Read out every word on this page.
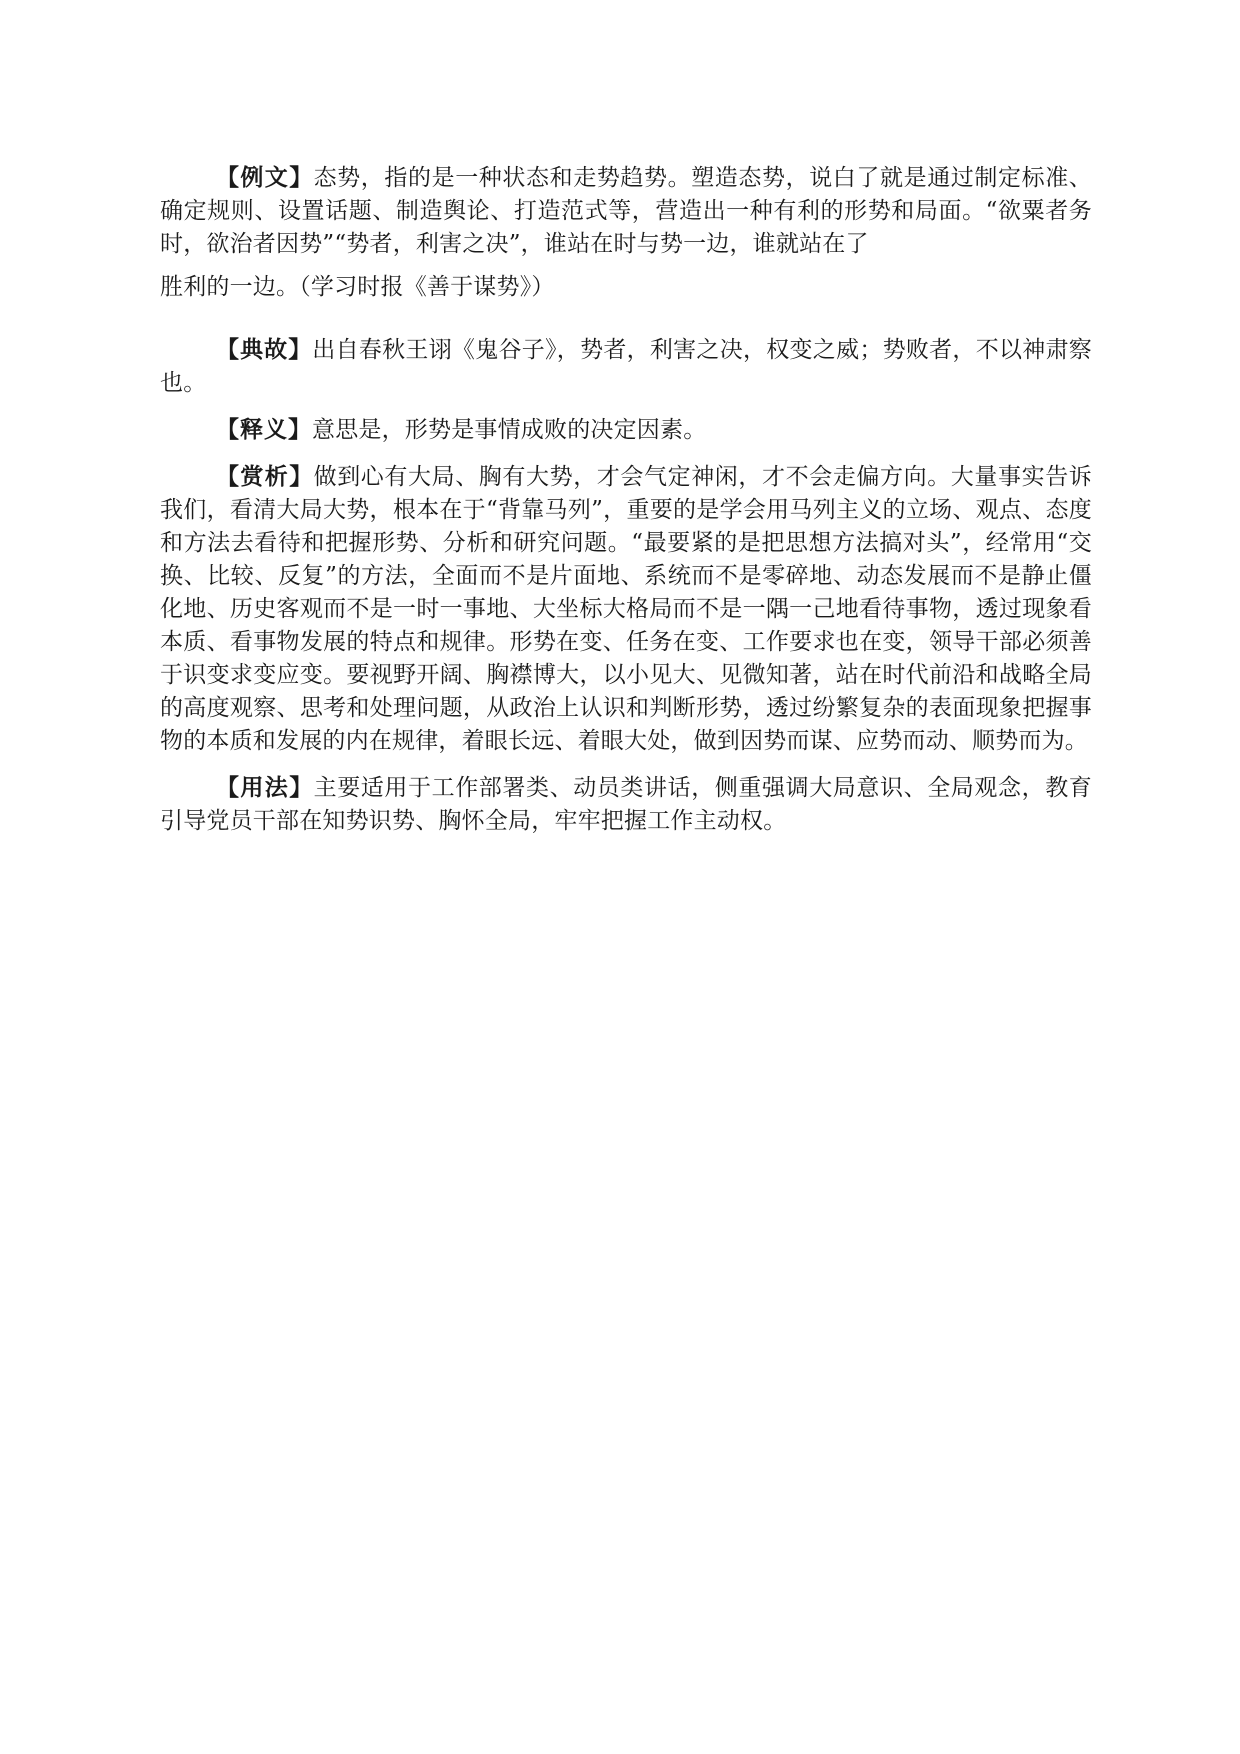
【例文】态势，指的是一种状态和走势趋势。塑造态势，说白了就是通过制定标准、确定规则、设置话题、制造舆论、打造范式等，营造出一种有利的形势和局面。“欲粟者务时，欲治者因势”“势者，利害之决”，谁站在时与势一边，谁就站在了
胜利的一边。（学习时报《善于谋势》）

【典故】出自春秋王诩《鬼谷子》，势者，利害之决，权变之威；势败者，不以神肃察也。

【释义】意思是，形势是事情成败的决定因素。

【赏析】做到心有大局、胸有大势，才会气定神闲，才不会走偏方向。大量事实告诉我们，看清大局大势，根本在于“背靠马列”，重要的是学会用马列主义的立场、观点、态度和方法去看待和把握形势、分析和研究问题。“最要紧的是把思想方法搞对头”，经常用“交换、比较、反复”的方法，全面而不是片面地、系统而不是零碎地、动态发展而不是静止僵化地、历史客观而不是一时一事地、大坐标大格局而不是一隅一己地看待事物，透过现象看本质、看事物发展的特点和规律。形势在变、任务在变、工作要求也在变，领导干部必须善于识变求变应变。要视野开阔、胸襟博大，以小见大、见微知著，站在时代前沿和战略全局的高度观察、思考和处理问题，从政治上认识和判断形势，透过纷繁复杂的表面现象把握事物的本质和发展的内在规律，着眼长远、着眼大处，做到因势而谋、应势而动、顺势而为。

【用法】主要适用于工作部署类、动员类讲话，侧重强调大局意识、全局观念，教育引导党员干部在知势识势、胸怀全局，牢牢把握工作主动权。
